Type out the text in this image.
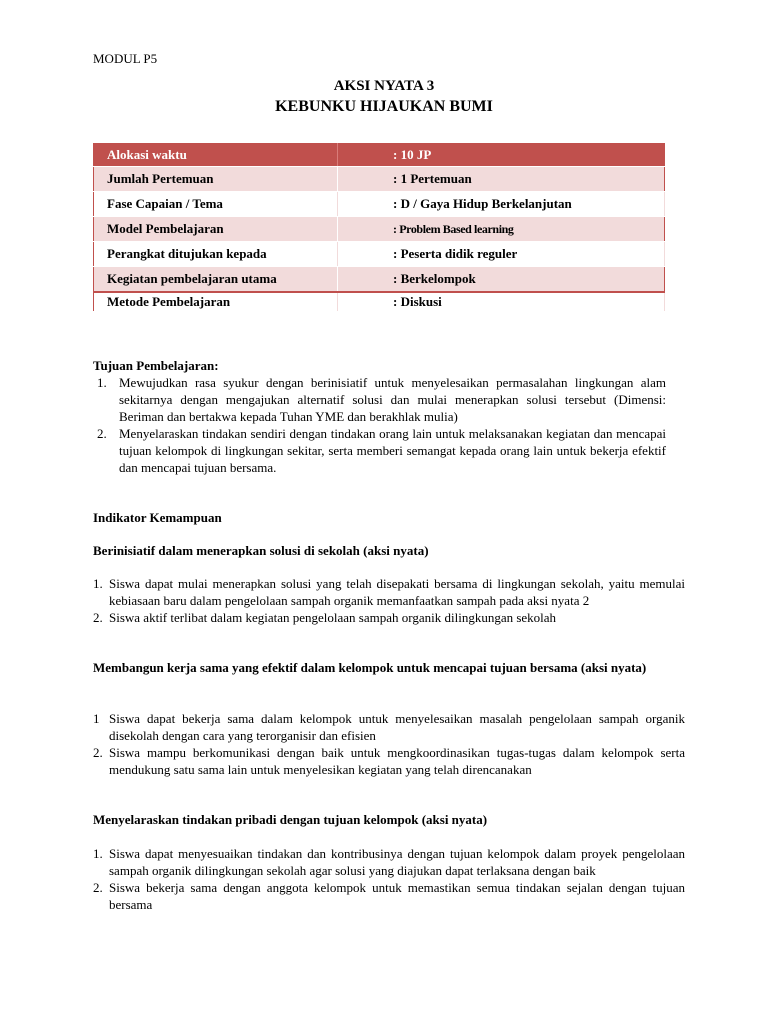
MODUL P5
AKSI NYATA 3
KEBUNKU HIJAUKAN BUMI
Alokasi waktu	: 10 JP
Jumlah Pertemuan	: 1 Pertemuan
Fase Capaian / Tema	: D / Gaya Hidup Berkelanjutan
Model Pembelajaran	: Problem Based learning
Perangkat ditujukan kepada	: Peserta didik reguler
Kegiatan pembelajaran utama	: Berkelompok
Metode Pembelajaran	: Diskusi
Tujuan Pembelajaran:
1. Mewujudkan rasa syukur dengan berinisiatif untuk menyelesaikan permasalahan lingkungan alam sekitarnya dengan mengajukan alternatif solusi dan mulai menerapkan solusi tersebut (Dimensi: Beriman dan bertakwa kepada Tuhan YME dan berakhlak mulia)
2. Menyelaraskan tindakan sendiri dengan tindakan orang lain untuk melaksanakan kegiatan dan mencapai tujuan kelompok di lingkungan sekitar, serta memberi semangat kepada orang lain untuk bekerja efektif dan mencapai tujuan bersama.
Indikator Kemampuan
Berinisiatif dalam menerapkan solusi di sekolah (aksi nyata)
1. Siswa dapat mulai menerapkan solusi yang telah disepakati bersama di lingkungan sekolah, yaitu memulai kebiasaan baru dalam pengelolaan sampah organik memanfaatkan sampah pada aksi nyata 2
2. Siswa aktif terlibat dalam kegiatan pengelolaan sampah organik dilingkungan sekolah
Membangun kerja sama yang efektif dalam kelompok untuk mencapai tujuan bersama (aksi nyata)
1 Siswa dapat bekerja sama dalam kelompok untuk menyelesaikan masalah pengelolaan sampah organik disekolah dengan cara yang terorganisir dan efisien
2. Siswa mampu berkomunikasi dengan baik untuk mengkoordinasikan tugas-tugas dalam kelompok serta mendukung satu sama lain untuk menyelesikan kegiatan yang telah direncanakan
Menyelaraskan tindakan pribadi dengan tujuan kelompok (aksi nyata)
1. Siswa dapat menyesuaikan tindakan dan kontribusinya dengan tujuan kelompok dalam proyek pengelolaan sampah organik dilingkungan sekolah agar solusi yang diajukan dapat terlaksana dengan baik
2. Siswa bekerja sama dengan anggota kelompok untuk memastikan semua tindakan sejalan dengan tujuan bersama
